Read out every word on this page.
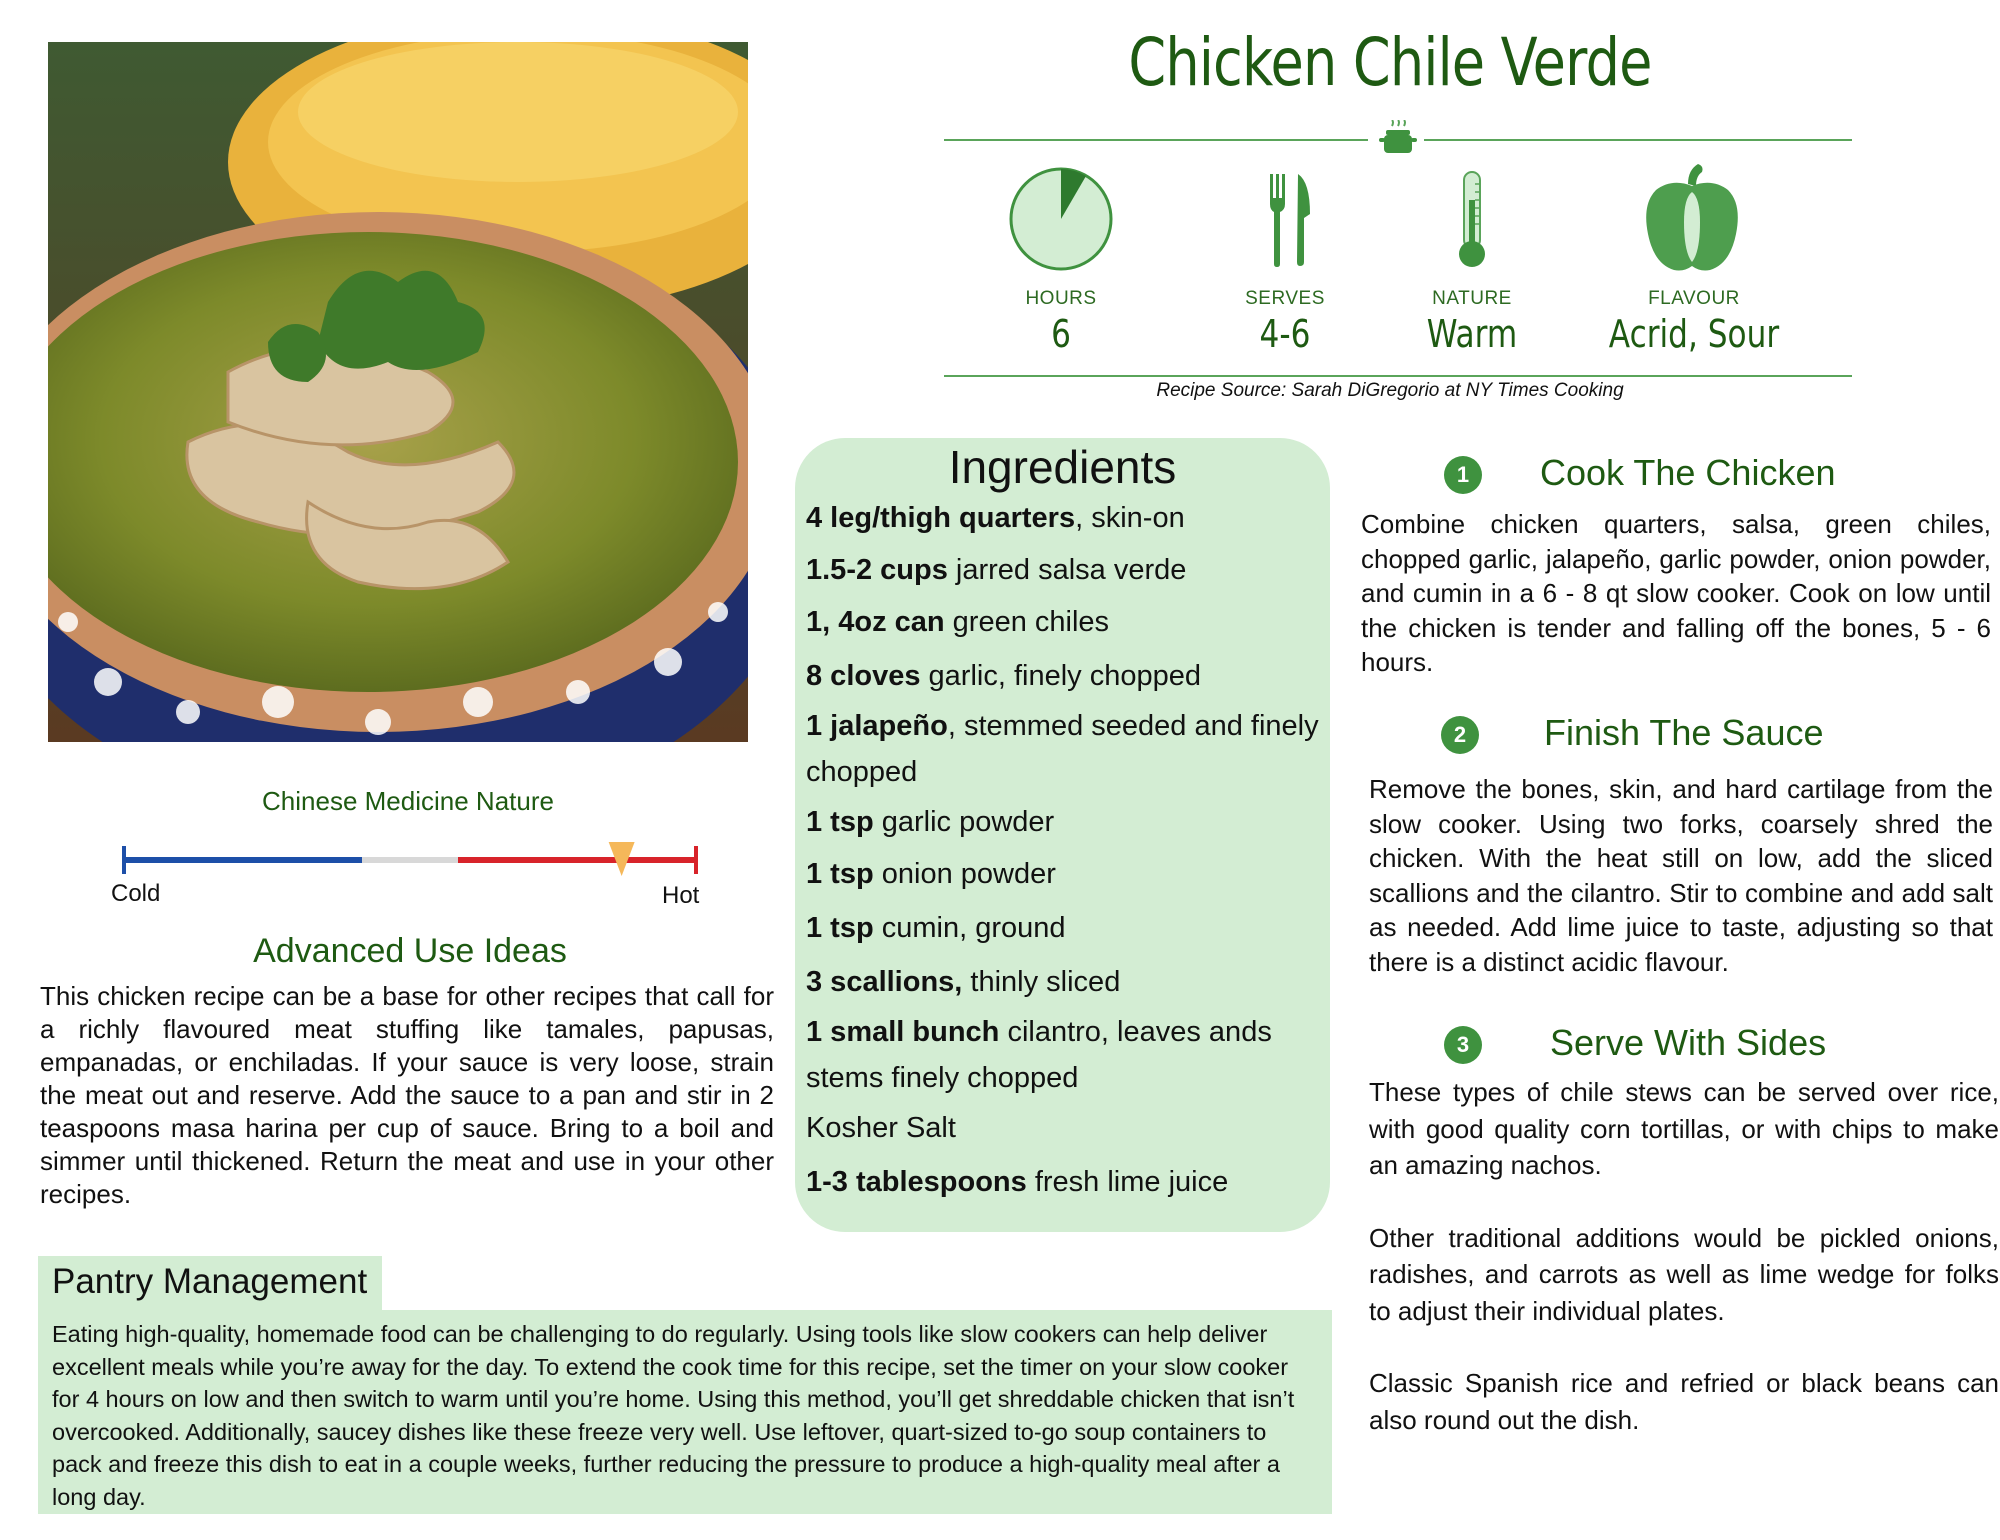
Chicken Chile Verde
HOURS
6
SERVES
4-6
NATURE
Warm
FLAVOUR
Acrid, Sour
Recipe Source: Sarah DiGregorio at NY Times Cooking
Chinese Medicine Nature
Cold	Hot
Advanced Use Ideas
This chicken recipe can be a base for other recipes that call for a richly flavoured meat stuffing like tamales, papusas, empanadas, or enchiladas. If your sauce is very loose, strain the meat out and reserve. Add the sauce to a pan and stir in 2 teaspoons masa harina per cup of sauce. Bring to a boil and simmer until thickened. Return the meat and use in your other recipes.
Ingredients

4 leg/thigh quarters, skin-on

1.5-2 cups jarred salsa verde

1, 4oz can green chiles

8 cloves garlic, finely chopped

1 jalapeño, stemmed seeded and finely chopped

1 tsp garlic powder

1 tsp onion powder

1 tsp cumin, ground

3 scallions, thinly sliced

1 small bunch cilantro, leaves ands stems finely chopped

Kosher Salt

1-3 tablespoons fresh lime juice

1	Cook The Chicken
Combine chicken quarters, salsa, green chiles, chopped garlic, jalapeño, garlic powder, onion powder, and cumin in a 6 - 8 qt slow cooker. Cook on low until the chicken is tender and falling off the bones, 5 - 6 hours.
2	Finish The Sauce
Remove the bones, skin, and hard cartilage from the slow cooker. Using two forks, coarsely shred the chicken. With the heat still on low, add the sliced scallions and the cilantro. Stir to combine and add salt as needed. Add lime juice to taste, adjusting so that there is a distinct acidic flavour.
3	Serve With Sides
These types of chile stews can be served over rice, with good quality corn tortillas, or with chips to make an amazing nachos.
Other traditional additions would be pickled onions, radishes, and carrots as well as lime wedge for folks to adjust their individual plates.
Classic Spanish rice and refried or black beans can also round out the dish.
Pantry Management
Eating high-quality, homemade food can be challenging to do regularly. Using tools like slow cookers can help deliver excellent meals while you’re away for the day. To extend the cook time for this recipe, set the timer on your slow cooker for 4 hours on low and then switch to warm until you’re home. Using this method, you’ll get shreddable chicken that isn’t overcooked. Additionally, saucey dishes like these freeze very well. Use leftover, quart-sized to-go soup containers to pack and freeze this dish to eat in a couple weeks, further reducing the pressure to produce a high-quality meal after a long day.
